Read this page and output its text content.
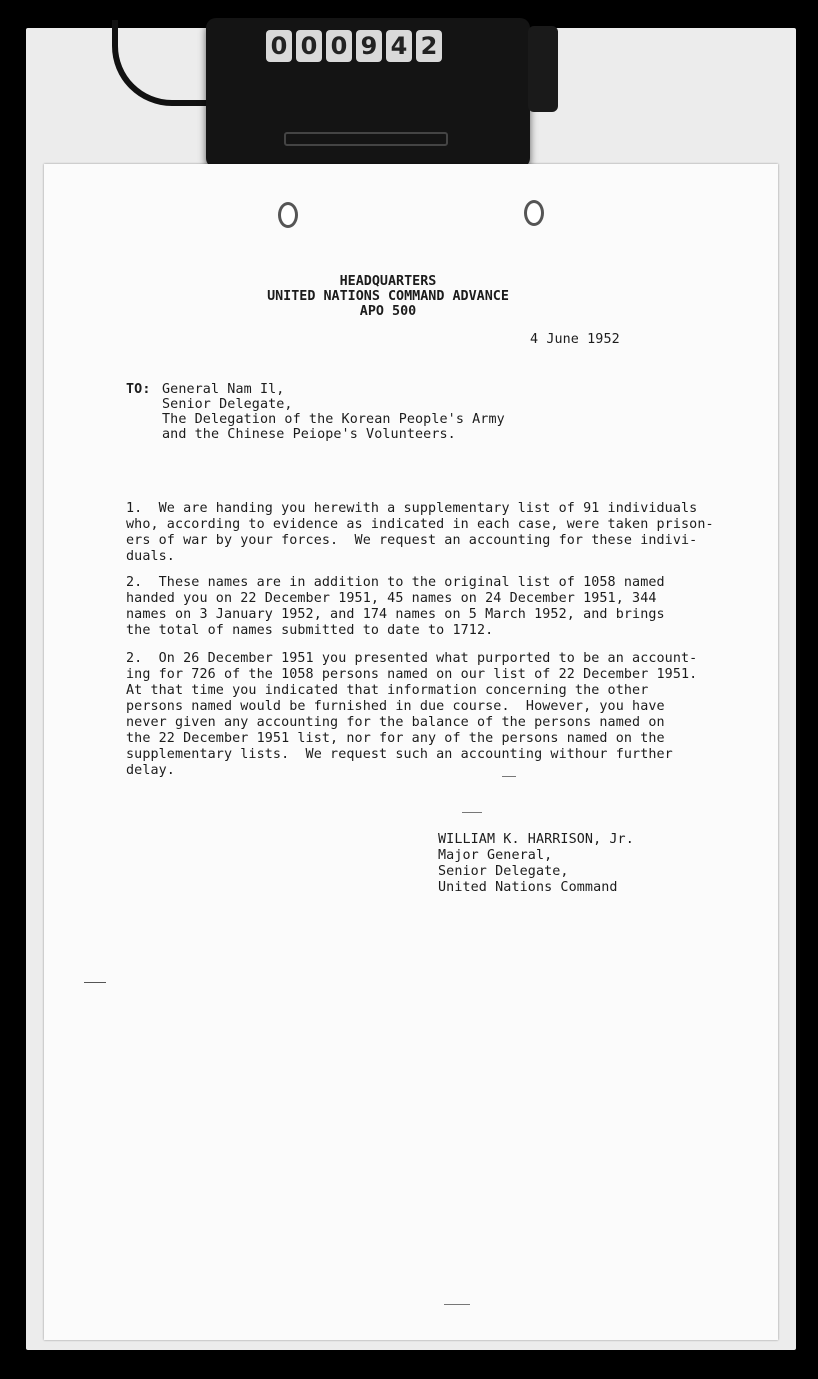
0 0 0 9 4 2
HEADQUARTERS
UNITED NATIONS COMMAND ADVANCE
APO 500
4 June 1952
TO: General Nam Il,
Senior Delegate,
The Delegation of the Korean People's Army
and the Chinese Peiope's Volunteers.
1.  We are handing you herewith a supplementary list of 91 individuals
who, according to evidence as indicated in each case, were taken prison-
ers of war by your forces.  We request an accounting for these indivi-
duals.
2.  These names are in addition to the original list of 1058 named
handed you on 22 December 1951, 45 names on 24 December 1951, 344
names on 3 January 1952, and 174 names on 5 March 1952, and brings
the total of names submitted to date to 1712.
2.  On 26 December 1951 you presented what purported to be an account-
ing for 726 of the 1058 persons named on our list of 22 December 1951.
At that time you indicated that information concerning the other
persons named would be furnished in due course.  However, you have
never given any accounting for the balance of the persons named on
the 22 December 1951 list, nor for any of the persons named on the
supplementary lists.  We request such an accounting withour further
delay.
WILLIAM K. HARRISON, Jr.
Major General,
Senior Delegate,
United Nations Command
